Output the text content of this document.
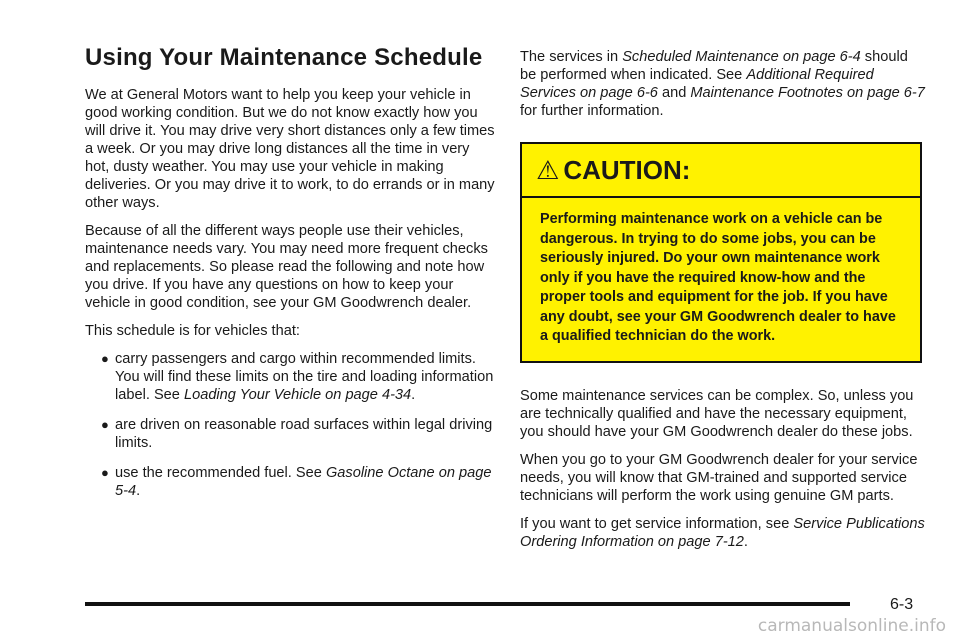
Using Your Maintenance Schedule

We at General Motors want to help you keep your vehicle in good working condition. But we do not know exactly how you will drive it. You may drive very short distances only a few times a week. Or you may drive long distances all the time in very hot, dusty weather. You may use your vehicle in making deliveries. Or you may drive it to work, to do errands or in many other ways.

Because of all the different ways people use their vehicles, maintenance needs vary. You may need more frequent checks and replacements. So please read the following and note how you drive. If you have any questions on how to keep your vehicle in good condition, see your GM Goodwrench dealer.

This schedule is for vehicles that:

● carry passengers and cargo within recommended limits. You will find these limits on the tire and loading information label. See Loading Your Vehicle on page 4-34.
● are driven on reasonable road surfaces within legal driving limits.
● use the recommended fuel. See Gasoline Octane on page 5-4.

The services in Scheduled Maintenance on page 6-4 should be performed when indicated. See Additional Required Services on page 6-6 and Maintenance Footnotes on page 6-7 for further information.

⚠ CAUTION:
Performing maintenance work on a vehicle can be dangerous. In trying to do some jobs, you can be seriously injured. Do your own maintenance work only if you have the required know-how and the proper tools and equipment for the job. If you have any doubt, see your GM Goodwrench dealer to have a qualified technician do the work.

Some maintenance services can be complex. So, unless you are technically qualified and have the necessary equipment, you should have your GM Goodwrench dealer do these jobs.

When you go to your GM Goodwrench dealer for your service needs, you will know that GM-trained and supported service technicians will perform the work using genuine GM parts.

If you want to get service information, see Service Publications Ordering Information on page 7-12.

6-3
carmanualsonline.info
